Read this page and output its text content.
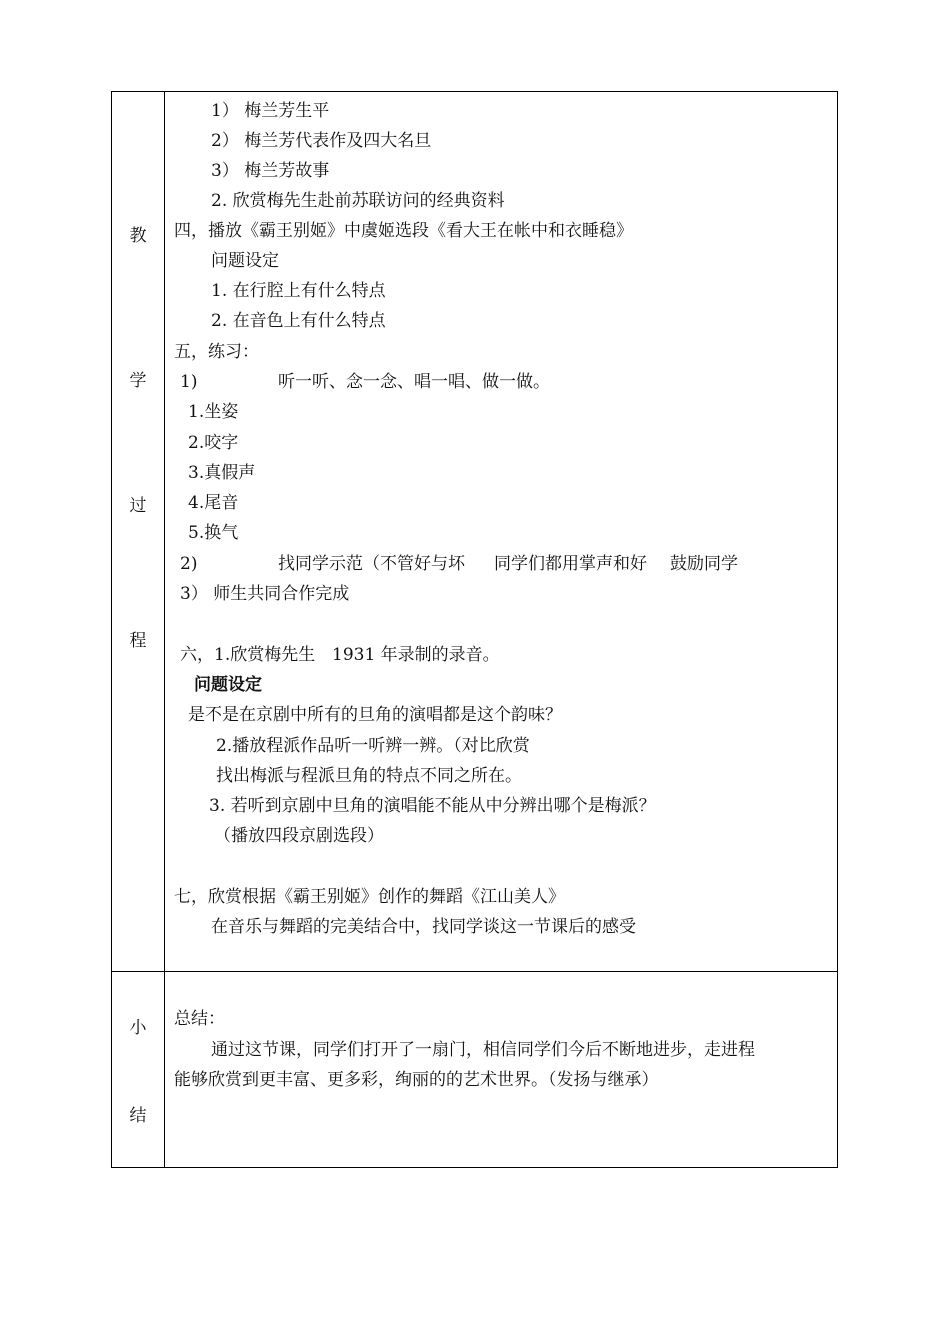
教
学
过
程
小
结
1） 梅兰芳生平
2） 梅兰芳代表作及四大名旦
3） 梅兰芳故事
2. 欣赏梅先生赴前苏联访问的经典资料
四，播放《霸王别姬》中虞姬选段《看大王在帐中和衣睡稳》
问题设定
1. 在行腔上有什么特点
2. 在音色上有什么特点
五，练习：
1)	听一听、念一念、唱一唱、做一做。
1.坐姿
2.咬字
3.真假声
4.尾音
5.换气
2)	找同学示范（不管好与坏 同学们都用掌声和好 鼓励同学
3） 师生共同合作完成
六，1.欣赏梅先生 1931 年录制的录音。
问题设定
是不是在京剧中所有的旦角的演唱都是这个韵味？
2.播放程派作品听一听辨一辨。（对比欣赏
找出梅派与程派旦角的特点不同之所在。
3. 若听到京剧中旦角的演唱能不能从中分辨出哪个是梅派？
（播放四段京剧选段）
七，欣赏根据《霸王别姬》创作的舞蹈《江山美人》
在音乐与舞蹈的完美结合中，找同学谈这一节课后的感受
总结：
通过这节课，同学们打开了一扇门，相信同学们今后不断地进步，走进程
能够欣赏到更丰富、更多彩，绚丽的的艺术世界。（发扬与继承）
